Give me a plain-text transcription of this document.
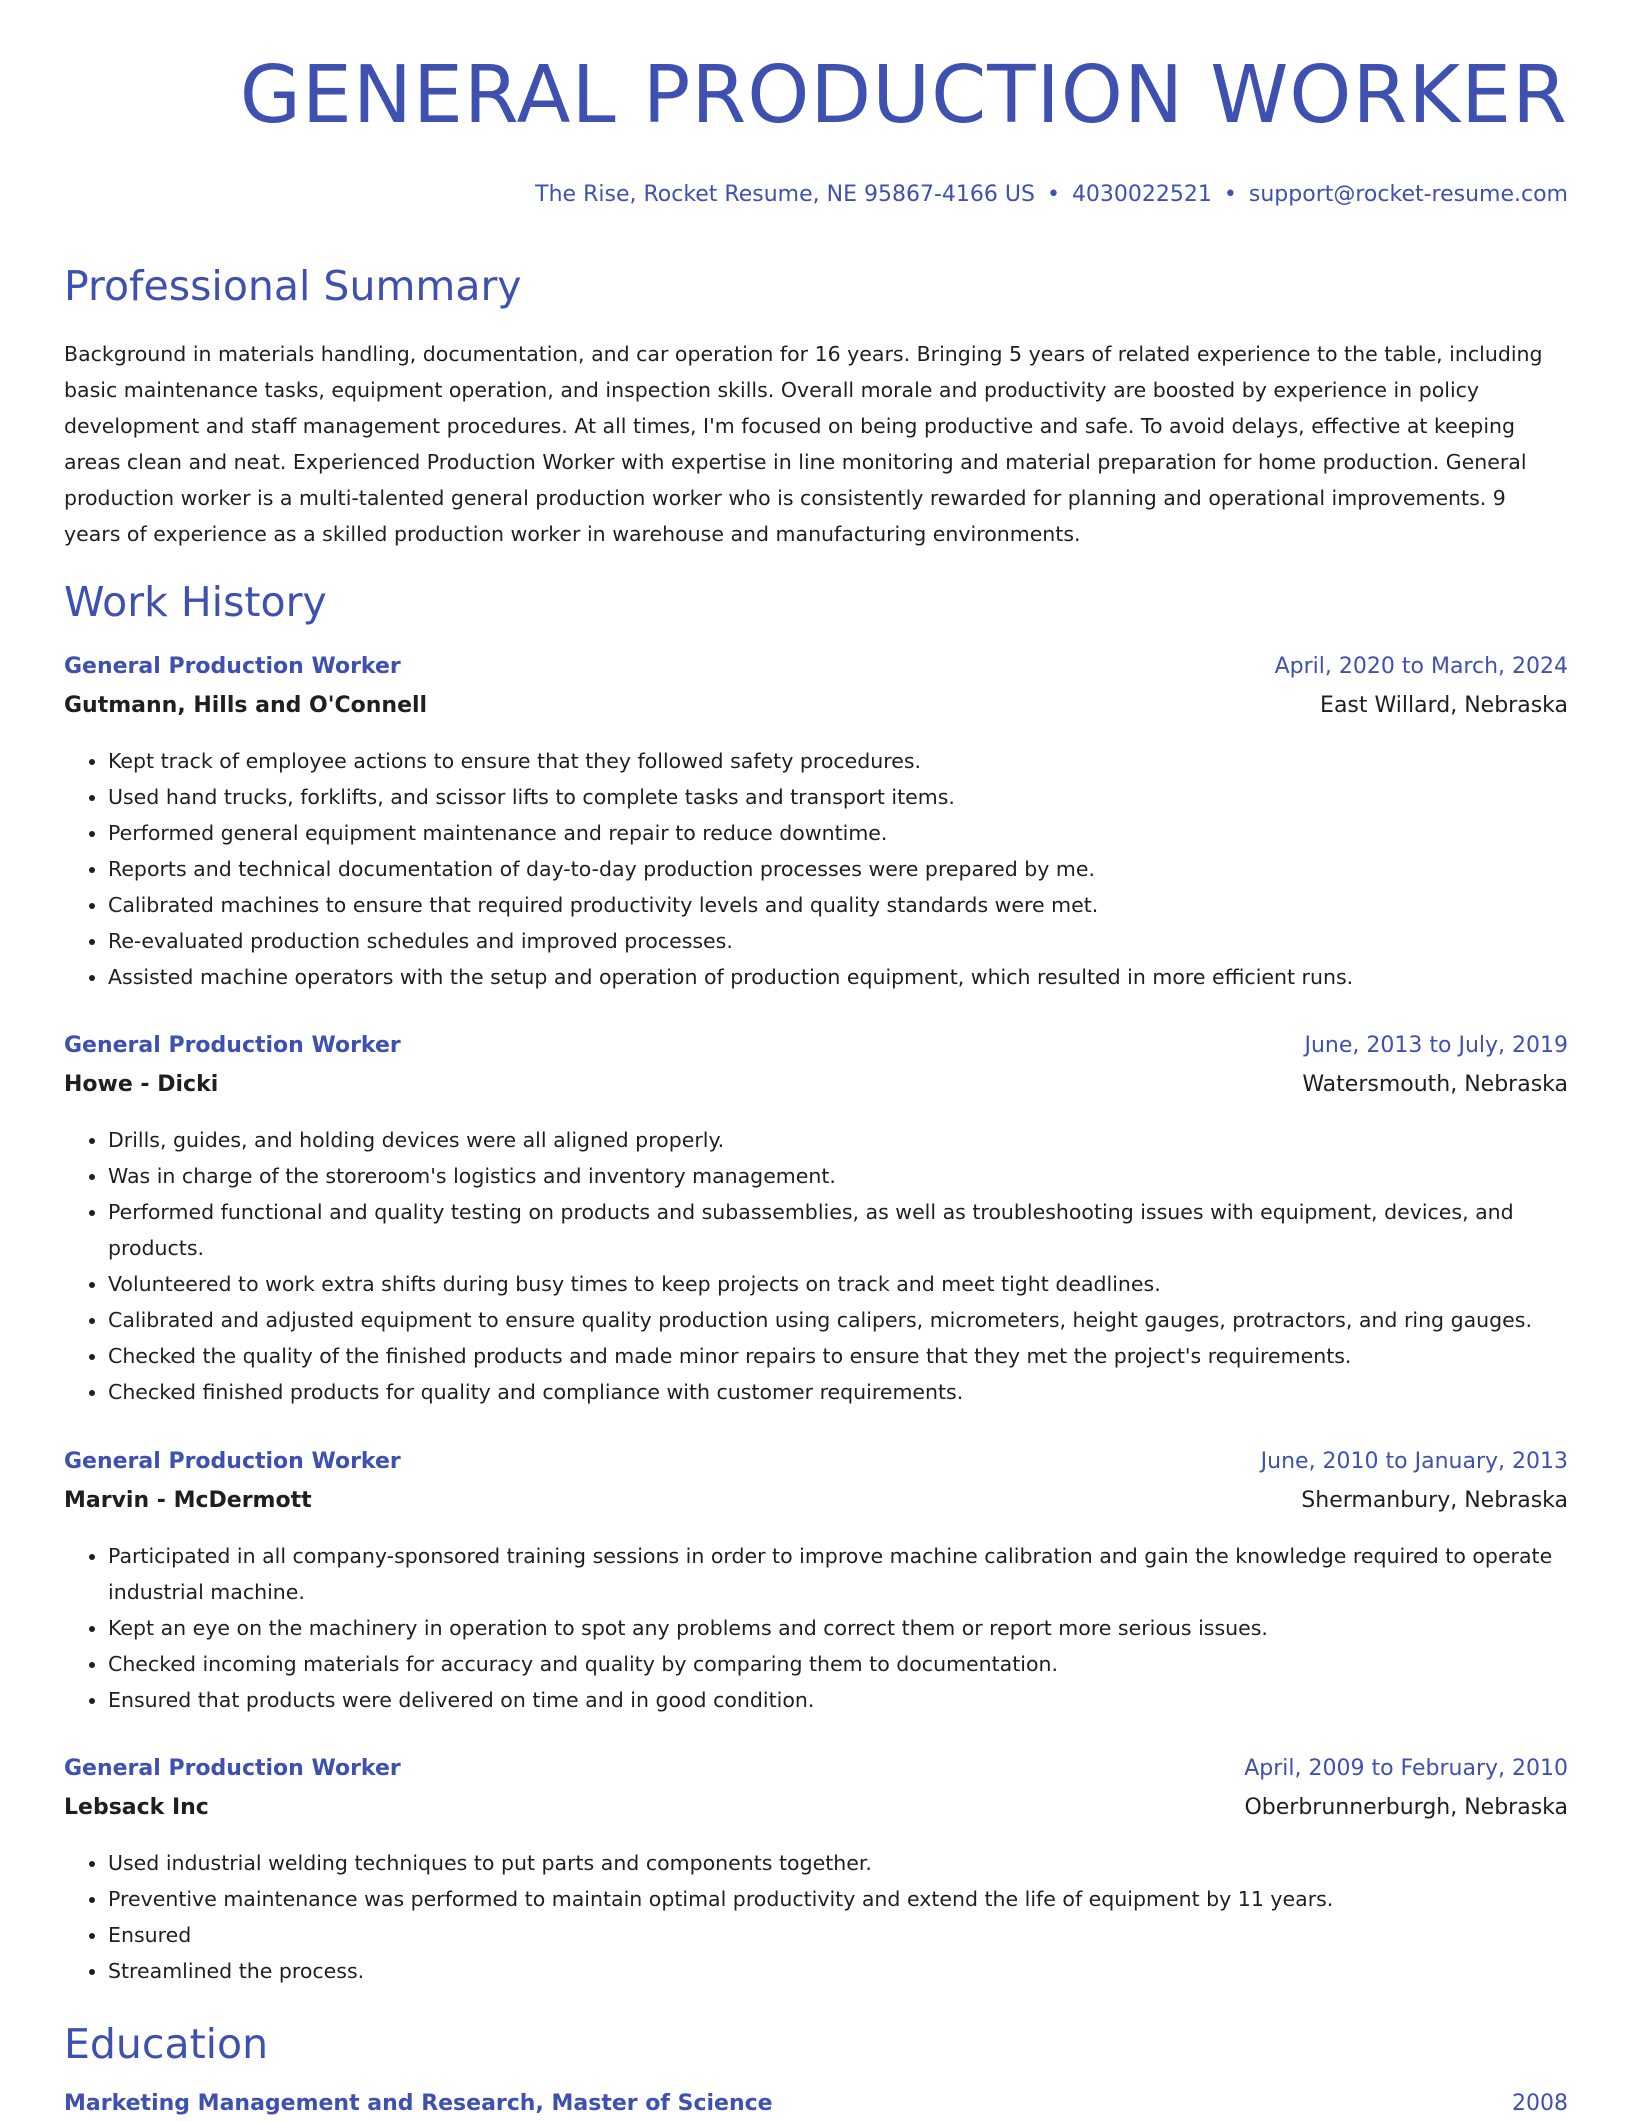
GENERAL PRODUCTION WORKER
The Rise, Rocket Resume, NE 95867-4166 US • 4030022521 • support@rocket-resume.com
Professional Summary

Background in materials handling, documentation, and car operation for 16 years. Bringing 5 years of related experience to the table, including basic maintenance tasks, equipment operation, and inspection skills. Overall morale and productivity are boosted by experience in policy development and staff management procedures. At all times, I'm focused on being productive and safe. To avoid delays, effective at keeping areas clean and neat. Experienced Production Worker with expertise in line monitoring and material preparation for home production. General production worker is a multi-talented general production worker who is consistently rewarded for planning and operational improvements. 9 years of experience as a skilled production worker in warehouse and manufacturing environments.

Work History
General Production Worker	April, 2020 to March, 2024
Gutmann, Hills and O'Connell	East Willard, Nebraska
• Kept track of employee actions to ensure that they followed safety procedures.
• Used hand trucks, forklifts, and scissor lifts to complete tasks and transport items.
• Performed general equipment maintenance and repair to reduce downtime.
• Reports and technical documentation of day-to-day production processes were prepared by me.
• Calibrated machines to ensure that required productivity levels and quality standards were met.
• Re-evaluated production schedules and improved processes.
• Assisted machine operators with the setup and operation of production equipment, which resulted in more efficient runs.
General Production Worker	June, 2013 to July, 2019
Howe - Dicki	Watersmouth, Nebraska
• Drills, guides, and holding devices were all aligned properly.
• Was in charge of the storeroom's logistics and inventory management.
• Performed functional and quality testing on products and subassemblies, as well as troubleshooting issues with equipment, devices, and products.
• Volunteered to work extra shifts during busy times to keep projects on track and meet tight deadlines.
• Calibrated and adjusted equipment to ensure quality production using calipers, micrometers, height gauges, protractors, and ring gauges.
• Checked the quality of the finished products and made minor repairs to ensure that they met the project's requirements.
• Checked finished products for quality and compliance with customer requirements.
General Production Worker	June, 2010 to January, 2013
Marvin - McDermott	Shermanbury, Nebraska
• Participated in all company-sponsored training sessions in order to improve machine calibration and gain the knowledge required to operate industrial machine.
• Kept an eye on the machinery in operation to spot any problems and correct them or report more serious issues.
• Checked incoming materials for accuracy and quality by comparing them to documentation.
• Ensured that products were delivered on time and in good condition.
General Production Worker	April, 2009 to February, 2010
Lebsack Inc	Oberbrunnerburgh, Nebraska
• Used industrial welding techniques to put parts and components together.
• Preventive maintenance was performed to maintain optimal productivity and extend the life of equipment by 11 years.
• Ensured
• Streamlined the process.
Education
Marketing Management and Research, Master of Science	2008
